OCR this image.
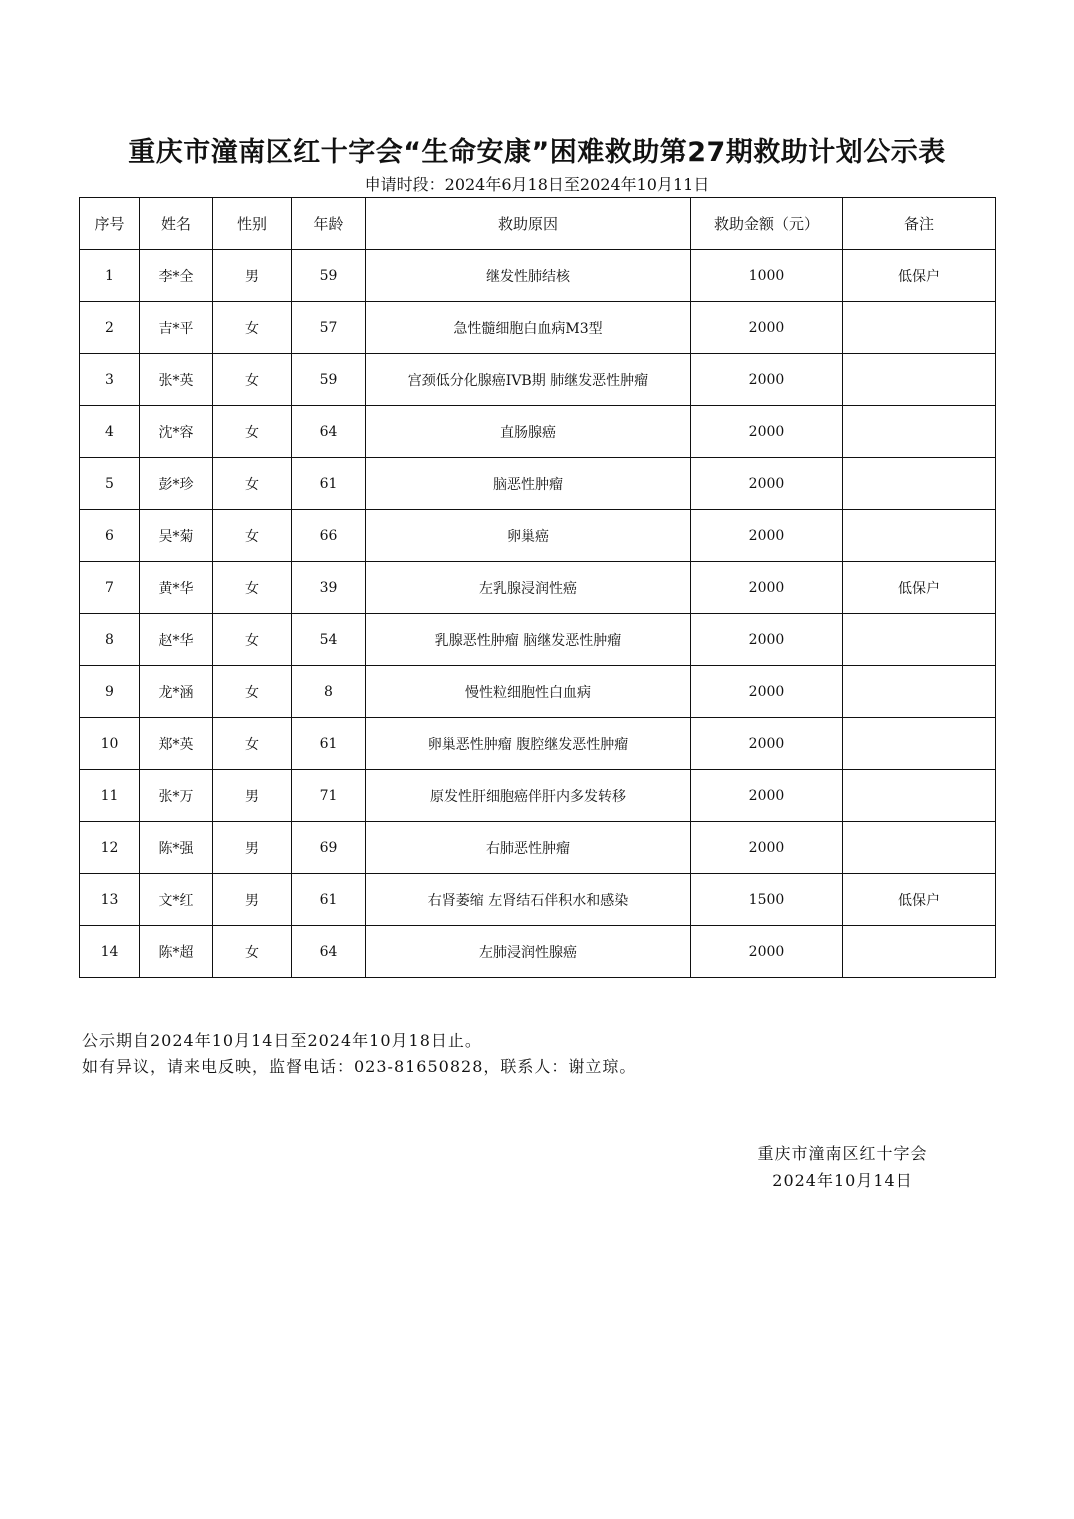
重庆市潼南区红十字会“生命安康”困难救助第27期救助计划公示表
申请时段：2024年6月18日至2024年10月11日
序号	姓名	性别	年龄	救助原因	救助金额（元）	备注
1	李*全	男	59	继发性肺结核	1000	低保户
2	吉*平	女	57	急性髓细胞白血病M3型	2000	
3	张*英	女	59	宫颈低分化腺癌IVB期 肺继发恶性肿瘤	2000	
4	沈*容	女	64	直肠腺癌	2000	
5	彭*珍	女	61	脑恶性肿瘤	2000	
6	吴*菊	女	66	卵巢癌	2000	
7	黄*华	女	39	左乳腺浸润性癌	2000	低保户
8	赵*华	女	54	乳腺恶性肿瘤 脑继发恶性肿瘤	2000	
9	龙*涵	女	8	慢性粒细胞性白血病	2000	
10	郑*英	女	61	卵巢恶性肿瘤 腹腔继发恶性肿瘤	2000	
11	张*万	男	71	原发性肝细胞癌伴肝内多发转移	2000	
12	陈*强	男	69	右肺恶性肿瘤	2000	
13	文*红	男	61	右肾萎缩 左肾结石伴积水和感染	1500	低保户
14	陈*超	女	64	左肺浸润性腺癌	2000	
公示期自2024年10月14日至2024年10月18日止。
如有异议，请来电反映，监督电话：023-81650828，联系人：谢立琼。
重庆市潼南区红十字会
2024年10月14日
